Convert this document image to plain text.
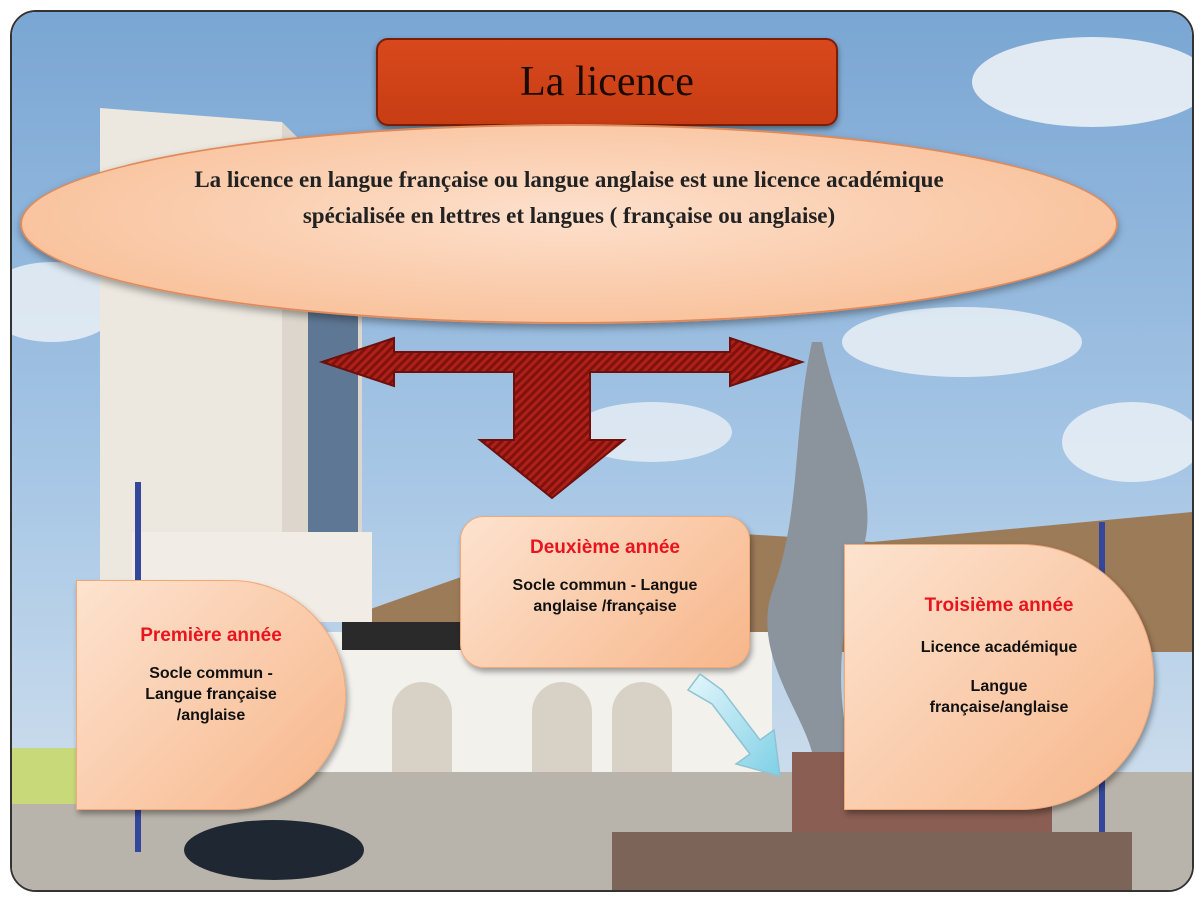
La licence
La licence en langue française ou langue anglaise est une licence académique spécialisée en lettres et langues ( française ou anglaise)
Première année

Socle commun -

Langue française

/anglaise

Deuxième année

Socle commun - Langue

anglaise /française	Troisième année

Licence académique

Langue

française/anglaise
